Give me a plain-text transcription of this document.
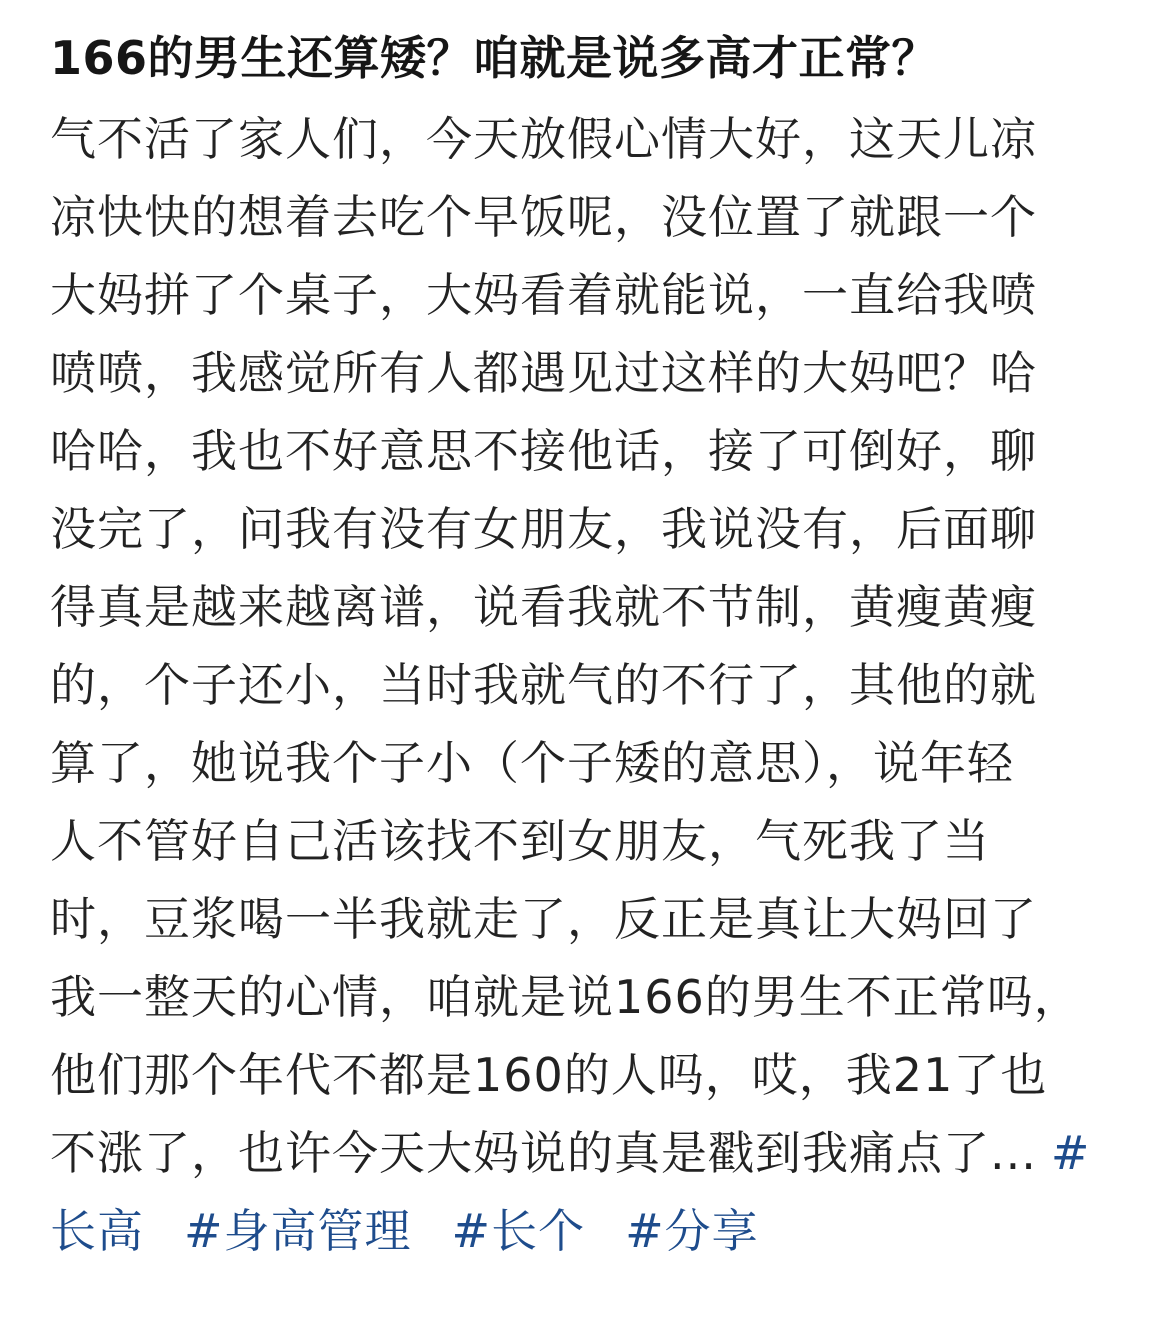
166的男生还算矮？咱就是说多高才正常？
气不活了家人们，今天放假心情大好，这天儿凉
凉快快的想着去吃个早饭呢，没位置了就跟一个
大妈拼了个桌子，大妈看着就能说，一直给我喷
喷喷，我感觉所有人都遇见过这样的大妈吧？哈
哈哈，我也不好意思不接他话，接了可倒好，聊
没完了，问我有没有女朋友，我说没有，后面聊
得真是越来越离谱，说看我就不节制，黄瘦黄瘦
的，个子还小，当时我就气的不行了，其他的就
算了，她说我个子小（个子矮的意思），说年轻
人不管好自己活该找不到女朋友，气死我了当
时，豆浆喝一半我就走了，反正是真让大妈回了
我一整天的心情，咱就是说166的男生不正常吗，
他们那个年代不都是160的人吗，哎，我21了也
不涨了，也许今天大妈说的真是戳到我痛点了... #
长高 #身高管理 #长个 #分享
